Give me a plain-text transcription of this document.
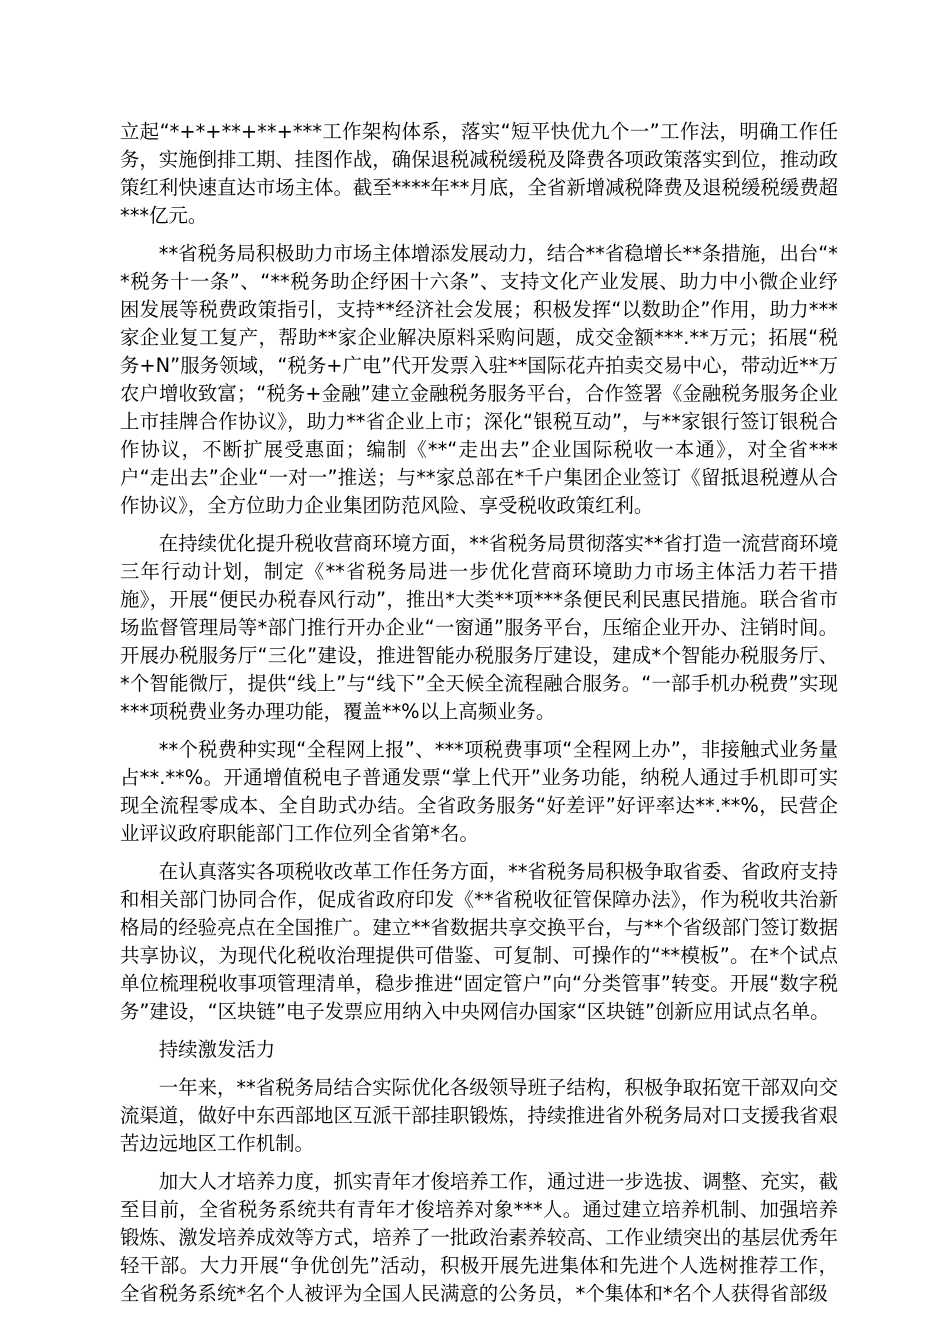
立起“*+*+**+**+***工作架构体系，落实“短平快优九个一”工作法，明确工作任务，实施倒排工期、挂图作战，确保退税减税缓税及降费各项政策落实到位，推动政策红利快速直达市场主体。截至****年**月底，全省新增减税降费及退税缓税缓费超***亿元。

**省税务局积极助力市场主体增添发展动力，结合**省稳增长**条措施，出台“**税务十一条”、“**税务助企纾困十六条”、支持文化产业发展、助力中小微企业纾困发展等税费政策指引，支持**经济社会发展；积极发挥“以数助企”作用，助力***家企业复工复产，帮助**家企业解决原料采购问题，成交金额***.**万元；拓展“税务+N”服务领域，“税务+广电”代开发票入驻**国际花卉拍卖交易中心，带动近**万农户增收致富；“税务+金融”建立金融税务服务平台，合作签署《金融税务服务企业上市挂牌合作协议》，助力**省企业上市；深化“银税互动”，与**家银行签订银税合作协议，不断扩展受惠面；编制《**“走出去”企业国际税收一本通》，对全省***户“走出去”企业“一对一”推送；与**家总部在*千户集团企业签订《留抵退税遵从合作协议》，全方位助力企业集团防范风险、享受税收政策红利。

在持续优化提升税收营商环境方面，**省税务局贯彻落实**省打造一流营商环境三年行动计划，制定《**省税务局进一步优化营商环境助力市场主体活力若干措施》，开展“便民办税春风行动”，推出*大类**项***条便民利民惠民措施。联合省市场监督管理局等*部门推行开办企业“一窗通”服务平台，压缩企业开办、注销时间。开展办税服务厅“三化”建设，推进智能办税服务厅建设，建成*个智能办税服务厅、*个智能微厅，提供“线上”与“线下”全天候全流程融合服务。“一部手机办税费”实现***项税费业务办理功能，覆盖**%以上高频业务。

**个税费种实现“全程网上报”、***项税费事项“全程网上办”，非接触式业务量占**.**%。开通增值税电子普通发票“掌上代开”业务功能，纳税人通过手机即可实现全流程零成本、全自助式办结。全省政务服务“好差评”好评率达**.**%，民营企业评议政府职能部门工作位列全省第*名。

在认真落实各项税收改革工作任务方面，**省税务局积极争取省委、省政府支持和相关部门协同合作，促成省政府印发《**省税收征管保障办法》，作为税收共治新格局的经验亮点在全国推广。建立**省数据共享交换平台，与**个省级部门签订数据共享协议，为现代化税收治理提供可借鉴、可复制、可操作的“**模板”。在*个试点单位梳理税收事项管理清单，稳步推进“固定管户”向“分类管事”转变。开展“数字税务”建设，“区块链”电子发票应用纳入中央网信办国家“区块链”创新应用试点名单。

持续激发活力

一年来，**省税务局结合实际优化各级领导班子结构，积极争取拓宽干部双向交流渠道，做好中东西部地区互派干部挂职锻炼，持续推进省外税务局对口支援我省艰苦边远地区工作机制。

加大人才培养力度，抓实青年才俊培养工作，通过进一步选拔、调整、充实，截至目前，全省税务系统共有青年才俊培养对象***人。通过建立培养机制、加强培养锻炼、激发培养成效等方式，培养了一批政治素养较高、工作业绩突出的基层优秀年轻干部。大力开展“争优创先”活动，积极开展先进集体和先进个人选树推荐工作，全省税务系统*名个人被评为全国人民满意的公务员，*个集体和*名个人获得省部级
